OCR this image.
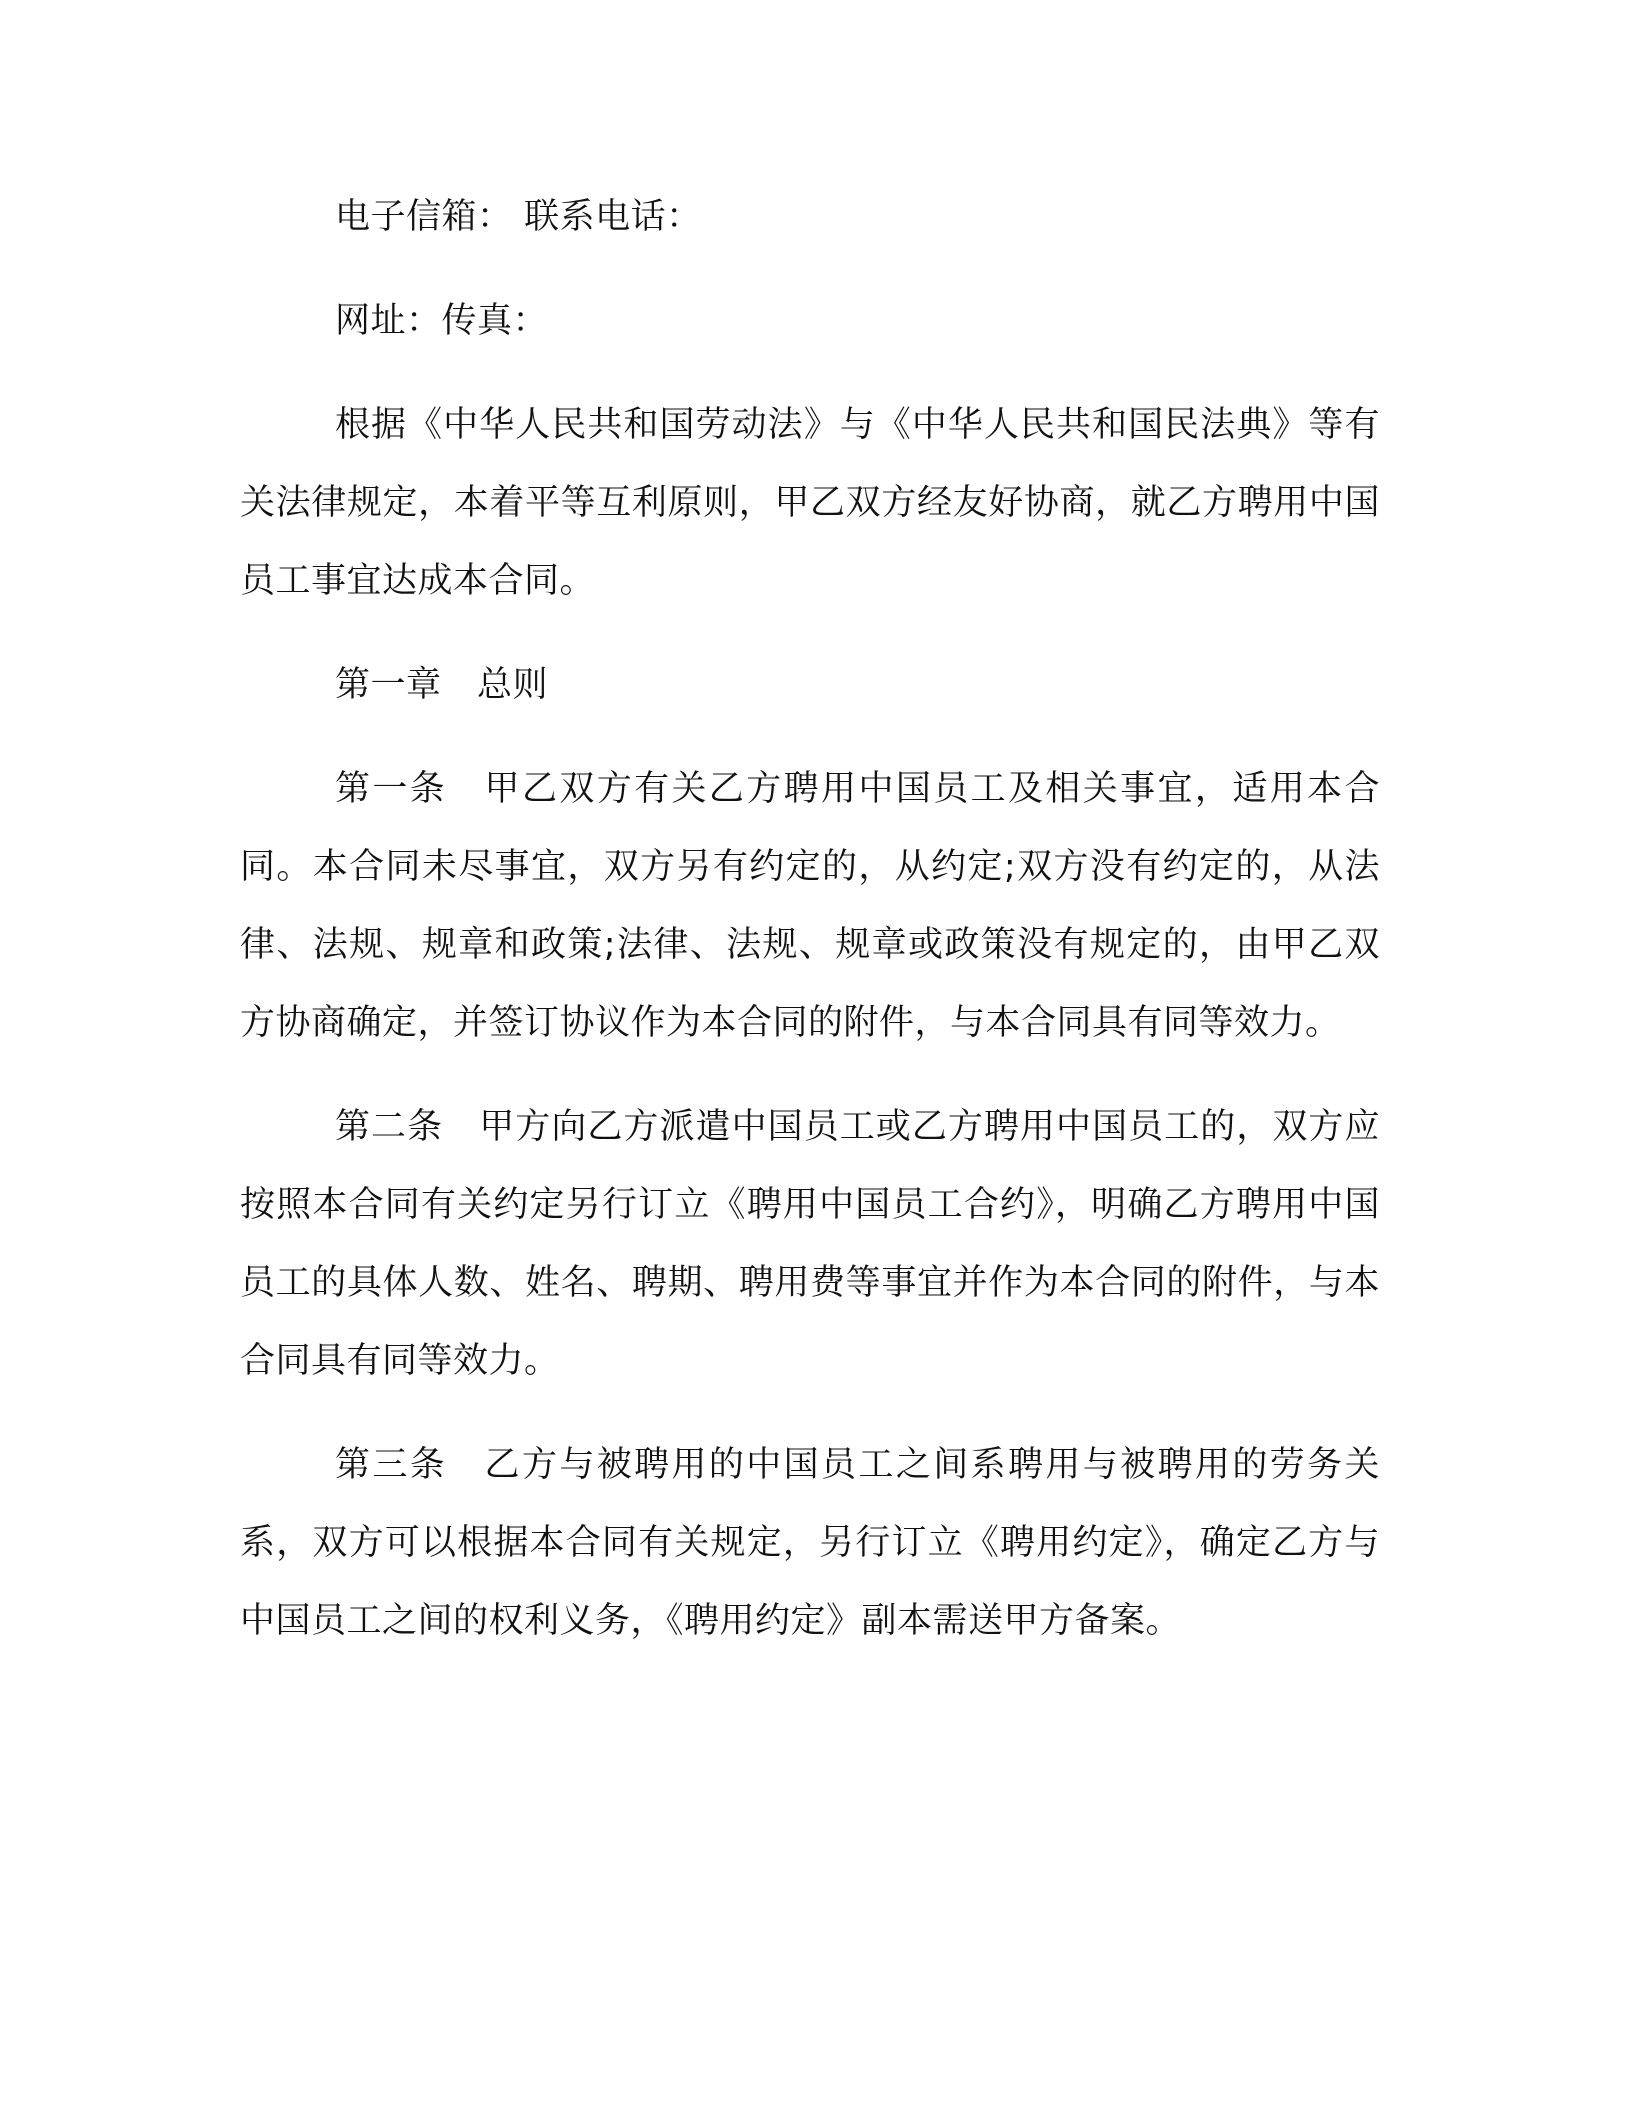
电子信箱： 联系电话：

网址：传真：

根据《中华人民共和国劳动法》与《中华人民共和国民法典》等有关法律规定，本着平等互利原则，甲乙双方经友好协商，就乙方聘用中国员工事宜达成本合同。

第一章　总则

第一条　甲乙双方有关乙方聘用中国员工及相关事宜，适用本合同。本合同未尽事宜，双方另有约定的，从约定;双方没有约定的，从法律、法规、规章和政策;法律、法规、规章或政策没有规定的，由甲乙双方协商确定，并签订协议作为本合同的附件，与本合同具有同等效力。

第二条　甲方向乙方派遣中国员工或乙方聘用中国员工的，双方应按照本合同有关约定另行订立《聘用中国员工合约》，明确乙方聘用中国员工的具体人数、姓名、聘期、聘用费等事宜并作为本合同的附件，与本合同具有同等效力。

第三条　乙方与被聘用的中国员工之间系聘用与被聘用的劳务关系，双方可以根据本合同有关规定，另行订立《聘用约定》，确定乙方与中国员工之间的权利义务，《聘用约定》副本需送甲方备案。
